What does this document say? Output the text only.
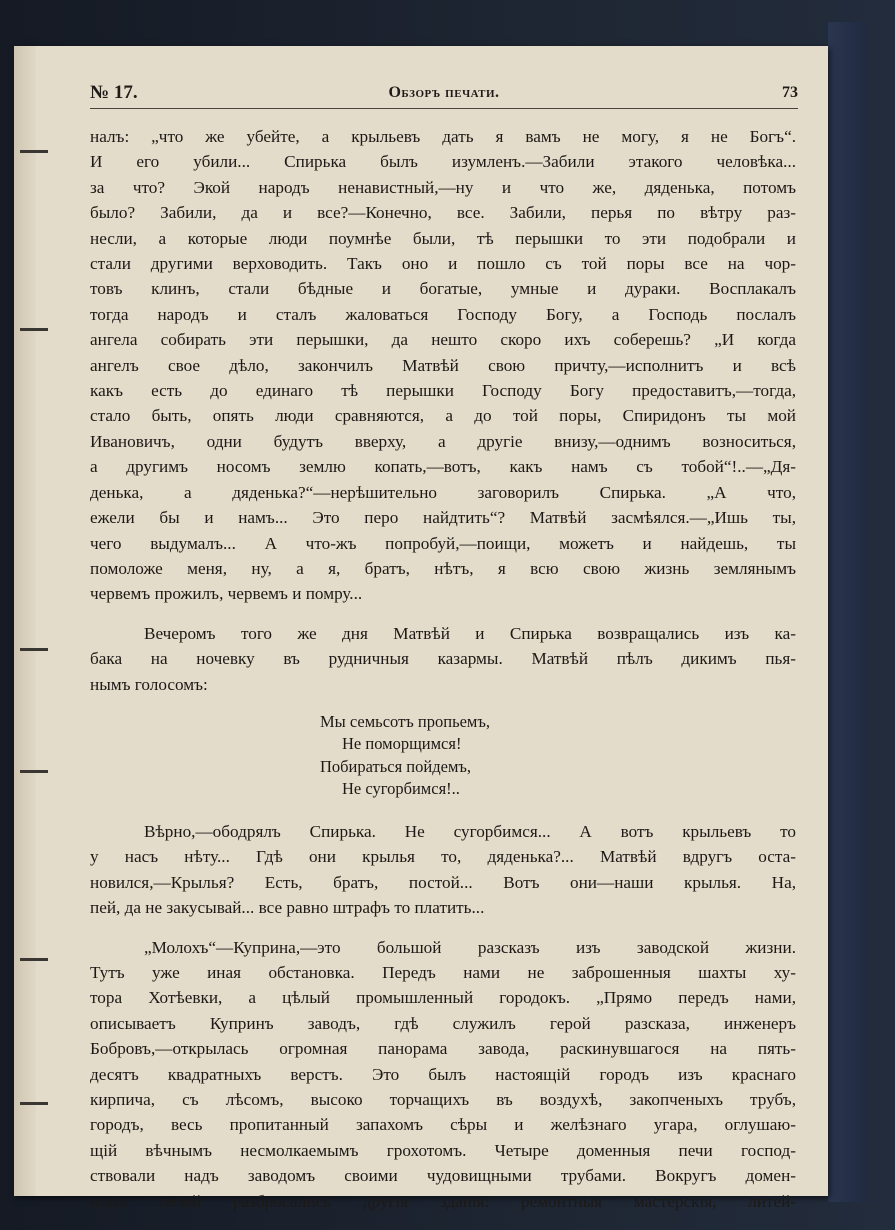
№ 17.	Обзоръ печати.	73
налъ: „что же убейте, а крыльевъ дать я вамъ не могу, я не Богъ“.
И его убили... Спирька былъ изумленъ.—Забили этакого человѣка...
за что? Экой народъ ненавистный,—ну и что же, дяденька, потомъ
было? Забили, да и все?—Конечно, все. Забили, перья по вѣтру раз-
несли, а которые люди поумнѣе были, тѣ перышки то эти подобрали и
стали другими верховодить. Такъ оно и пошло съ той поры все на чор-
товъ клинъ, стали бѣдные и богатые, умные и дураки. Восплакалъ
тогда народъ и сталъ жаловаться Господу Богу, а Господь послалъ
ангела собирать эти перышки, да нешто скоро ихъ соберешь? „И когда
ангелъ свое дѣло, закончилъ Матвѣй свою причту,—исполнитъ и всѣ
какъ есть до единаго тѣ перышки Господу Богу предоставитъ,—тогда,
стало быть, опять люди сравняются, а до той поры, Спиридонъ ты мой
Ивановичъ, одни будутъ вверху, а другіе внизу,—однимъ возноситься,
а другимъ носомъ землю копать,—вотъ, какъ намъ съ тобой“!..—„Дя-
денька, а дяденька?“—нерѣшительно заговорилъ Спирька. „А что,
ежели бы и намъ... Это перо найдтить“? Матвѣй засмѣялся.—„Ишь ты,
чего выдумалъ... А что-жъ попробуй,—поищи, можетъ и найдешь, ты
помоложе меня, ну, а я, братъ, нѣтъ, я всю свою жизнь землянымъ
червемъ прожилъ, червемъ и помру...
Вечеромъ того же дня Матвѣй и Спирька возвращались изъ ка-
бака на ночевку въ рудничныя казармы. Матвѣй пѣлъ дикимъ пья-
нымъ голосомъ:
Мы семьсотъ пропьемъ,
Не поморщимся!
Побираться пойдемъ,
Не сугорбимся!..
Вѣрно,—ободрялъ Спирька. Не сугорбимся... А вотъ крыльевъ то
у насъ нѣту... Гдѣ они крылья то, дяденька?... Матвѣй вдругъ оста-
новился,—Крылья? Есть, братъ, постой... Вотъ они—наши крылья. На,
пей, да не закусывай... все равно штрафъ то платить...
„Молохъ“—Куприна,—это большой разсказъ изъ заводской жизни.
Тутъ уже иная обстановка. Передъ нами не заброшенныя шахты ху-
тора Хотѣевки, а цѣлый промышленный городокъ. „Прямо передъ нами,
описываетъ Купринъ заводъ, гдѣ служилъ герой разсказа, инженеръ
Бобровъ,—открылась огромная панорама завода, раскинувшагося на пять-
десятъ квадратныхъ верстъ. Это былъ настоящій городъ изъ краснаго
кирпича, съ лѣсомъ, высоко торчащихъ въ воздухѣ, закопченыхъ трубъ,
городъ, весь пропитанный запахомъ сѣры и желѣзнаго угара, оглушаю-
щій вѣчнымъ несмолкаемымъ грохотомъ. Четыре доменныя печи господ-
ствовали надъ заводомъ своими чудовищными трубами. Вокругъ домен-
ныхъ печей разбросались другія зданія: ремонтныя мастерскія, литей-
